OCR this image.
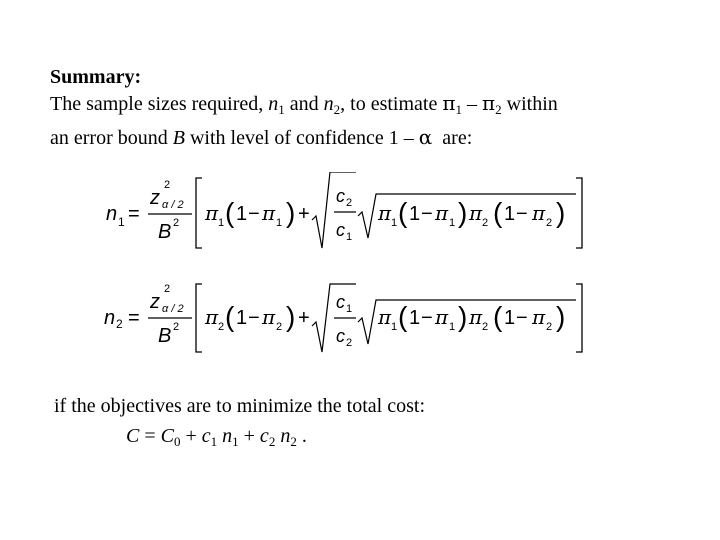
Summary:
The sample sizes required, $n_1$ and $n_2$, to estimate $\pi_1 - \pi_2$ within
an error bound B with level of confidence 1 – α  are:
n 1 =
z
2
α / 2
B 2 π 1 ( 1 − π 1 ) +
c 2
c 1
π 1 ( 1 − π 1 ) π 2 ( 1 − π 2 )
n 2 =
z
2
α / 2
B 2 π 2 ( 1 − π 2 ) +
c 1
c 2
π 1 ( 1 − π 1 ) π 2 ( 1 − π 2 )
if the objectives are to minimize the total cost:
$C = C_0 + c_1$ $n_1 + c_2$ $n_2$ .
